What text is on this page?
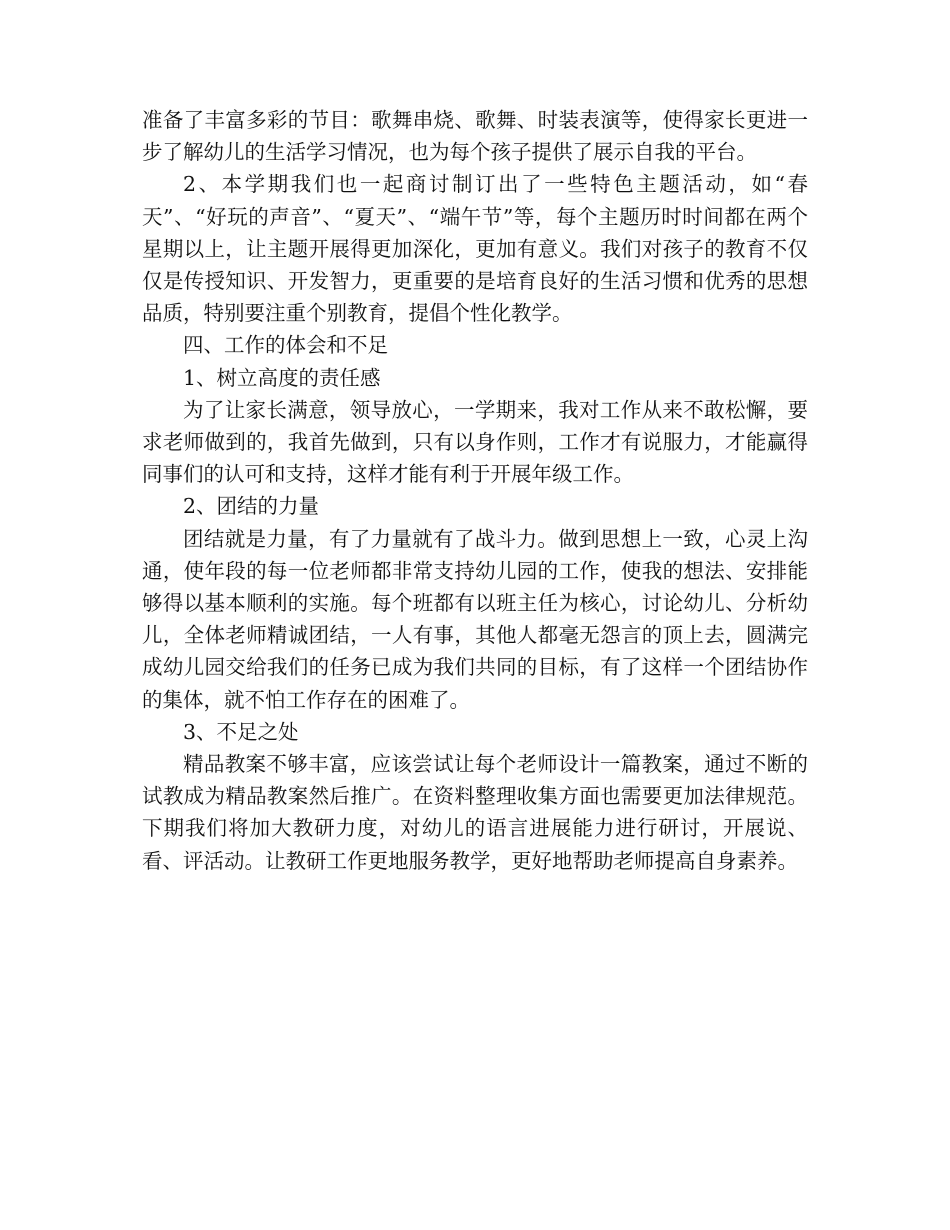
准备了丰富多彩的节目：歌舞串烧、歌舞、时装表演等，使得家长更进一步了解幼儿的生活学习情况，也为每个孩子提供了展示自我的平台。

2、本学期我们也一起商讨制订出了一些特色主题活动，如“春天”、“好玩的声音”、“夏天”、“端午节”等，每个主题历时时间都在两个星期以上，让主题开展得更加深化，更加有意义。我们对孩子的教育不仅仅是传授知识、开发智力，更重要的是培育良好的生活习惯和优秀的思想品质，特别要注重个别教育，提倡个性化教学。

四、工作的体会和不足

1、树立高度的责任感

为了让家长满意，领导放心，一学期来，我对工作从来不敢松懈，要求老师做到的，我首先做到，只有以身作则，工作才有说服力，才能赢得同事们的认可和支持，这样才能有利于开展年级工作。

2、团结的力量

团结就是力量，有了力量就有了战斗力。做到思想上一致，心灵上沟通，使年段的每一位老师都非常支持幼儿园的工作，使我的想法、安排能够得以基本顺利的实施。每个班都有以班主任为核心，讨论幼儿、分析幼儿，全体老师精诚团结，一人有事，其他人都毫无怨言的顶上去，圆满完成幼儿园交给我们的任务已成为我们共同的目标，有了这样一个团结协作的集体，就不怕工作存在的困难了。

3、不足之处

精品教案不够丰富，应该尝试让每个老师设计一篇教案，通过不断的试教成为精品教案然后推广。在资料整理收集方面也需要更加法律规范。下期我们将加大教研力度，对幼儿的语言进展能力进行研讨，开展说、看、评活动。让教研工作更地服务教学，更好地帮助老师提高自身素养。
